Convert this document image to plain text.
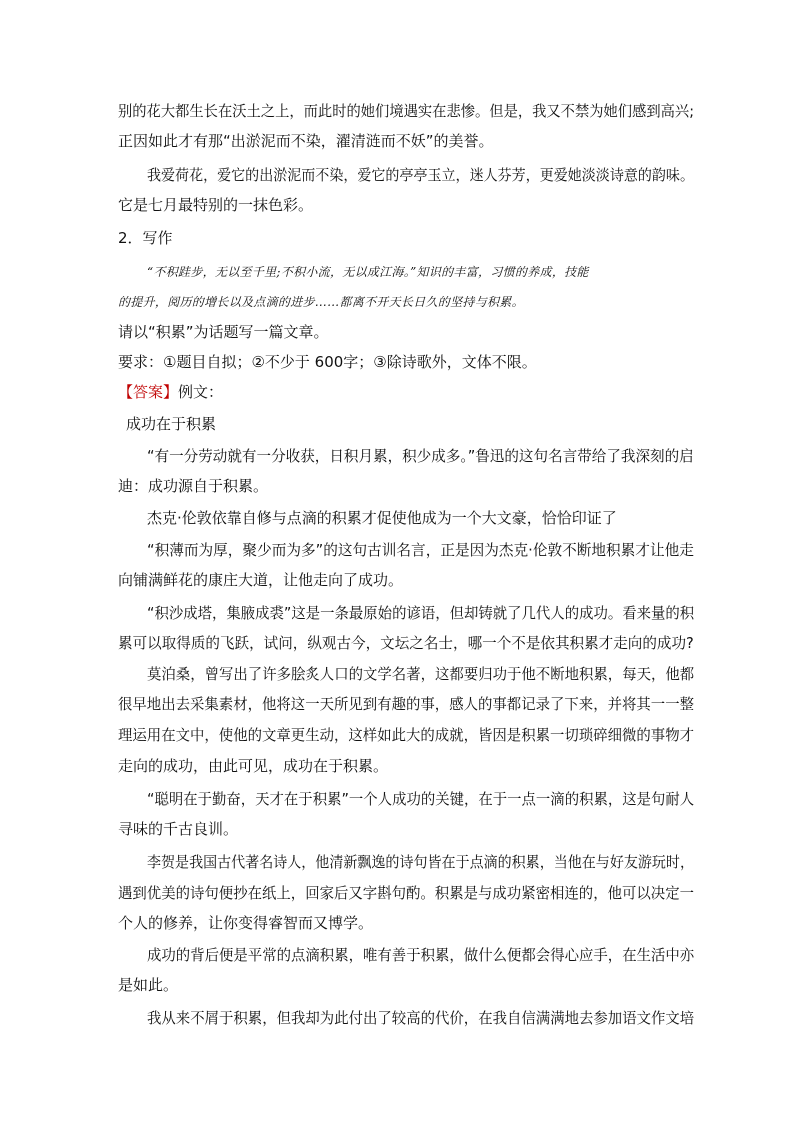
别的花大都生长在沃土之上，而此时的她们境遇实在悲惨。但是，我又不禁为她们感到高兴;
正因如此才有那“出淤泥而不染，濯清涟而不妖”的美誉。
我爱荷花，爱它的出淤泥而不染，爱它的亭亭玉立，迷人芬芳，更爱她淡淡诗意的韵味。
它是七月最特别的一抹色彩。
2．写作
“不积跬步，无以至千里;不积小流，无以成江海。”知识的丰富，习惯的养成，技能
的提升，阅历的增长以及点滴的进步……都离不开天长日久的坚持与积累。
请以“积累”为话题写一篇文章。
要求：①题目自拟；②不少于 600字；③除诗歌外，文体不限。
【答案】例文：
成功在于积累
“有一分劳动就有一分收获，日积月累，积少成多。”鲁迅的这句名言带给了我深刻的启
迪：成功源自于积累。
杰克·伦敦依靠自修与点滴的积累才促使他成为一个大文豪，恰恰印证了
“积薄而为厚，聚少而为多”的这句古训名言，正是因为杰克·伦敦不断地积累才让他走
向铺满鲜花的康庄大道，让他走向了成功。
“积沙成塔，集腋成裘”这是一条最原始的谚语，但却铸就了几代人的成功。看来量的积
累可以取得质的飞跃，试问，纵观古今，文坛之名士，哪一个不是依其积累才走向的成功?
莫泊桑，曾写出了许多脍炙人口的文学名著，这都要归功于他不断地积累，每天，他都
很早地出去采集素材，他将这一天所见到有趣的事，感人的事都记录了下来，并将其一一整
理运用在文中，使他的文章更生动，这样如此大的成就，皆因是积累一切琐碎细微的事物才
走向的成功，由此可见，成功在于积累。
“聪明在于勤奋，天才在于积累”一个人成功的关键，在于一点一滴的积累，这是句耐人
寻味的千古良训。
李贺是我国古代著名诗人，他清新飘逸的诗句皆在于点滴的积累，当他在与好友游玩时，
遇到优美的诗句便抄在纸上，回家后又字斟句酌。积累是与成功紧密相连的，他可以决定一
个人的修养，让你变得睿智而又博学。
成功的背后便是平常的点滴积累，唯有善于积累，做什么便都会得心应手，在生活中亦
是如此。
我从来不屑于积累，但我却为此付出了较高的代价，在我自信满满地去参加语文作文培
